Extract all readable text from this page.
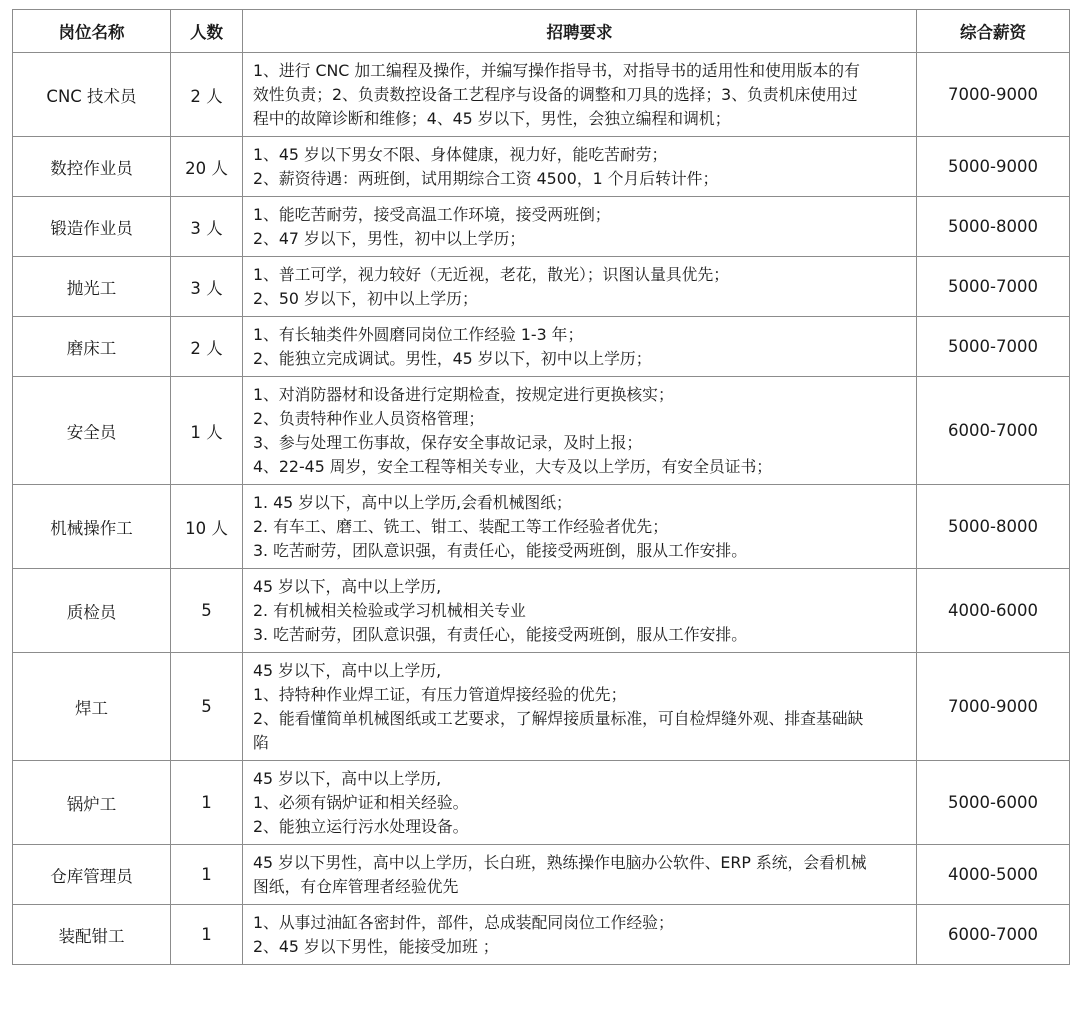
岗位名称	人数	招聘要求	综合薪资
CNC 技术员	2 人	1、进行 CNC 加工编程及操作，并编写操作指导书，对指导书的适用性和使用版本的有
效性负责；2、负责数控设备工艺程序与设备的调整和刀具的选择；3、负责机床使用过
程中的故障诊断和维修；4、45 岁以下，男性，会独立编程和调机；	7000-9000
数控作业员	20 人	1、45 岁以下男女不限、身体健康，视力好，能吃苦耐劳；
2、薪资待遇：两班倒，试用期综合工资 4500，1 个月后转计件；	5000-9000
锻造作业员	3 人	1、能吃苦耐劳，接受高温工作环境，接受两班倒；
2、47 岁以下，男性，初中以上学历；	5000-8000
抛光工	3 人	1、普工可学，视力较好（无近视，老花，散光）；识图认量具优先；
2、50 岁以下，初中以上学历；	5000-7000
磨床工	2 人	1、有长轴类件外圆磨同岗位工作经验 1-3 年；
2、能独立完成调试。男性，45 岁以下，初中以上学历；	5000-7000
安全员	1 人	1、对消防器材和设备进行定期检查，按规定进行更换核实；
2、负责特种作业人员资格管理；
3、参与处理工伤事故，保存安全事故记录，及时上报；
4、22-45 周岁，安全工程等相关专业，大专及以上学历，有安全员证书；	6000-7000
机械操作工	10 人	1. 45 岁以下，高中以上学历,会看机械图纸；
2. 有车工、磨工、铣工、钳工、装配工等工作经验者优先；
3. 吃苦耐劳，团队意识强，有责任心，能接受两班倒，服从工作安排。	5000-8000
质检员	5	45 岁以下，高中以上学历,
2. 有机械相关检验或学习机械相关专业
3. 吃苦耐劳，团队意识强，有责任心，能接受两班倒，服从工作安排。	4000-6000
焊工	5	45 岁以下，高中以上学历,
1、持特种作业焊工证，有压力管道焊接经验的优先；
2、能看懂简单机械图纸或工艺要求，了解焊接质量标准，可自检焊缝外观、排查基础缺
陷	7000-9000
锅炉工	1	45 岁以下，高中以上学历,
1、必须有锅炉证和相关经验。
2、能独立运行污水处理设备。	5000-6000
仓库管理员	1	45 岁以下男性，高中以上学历，长白班，熟练操作电脑办公软件、ERP 系统，会看机械
图纸，有仓库管理者经验优先	4000-5000
装配钳工	1	1、从事过油缸各密封件，部件，总成装配同岗位工作经验；
2、45 岁以下男性，能接受加班 ；	6000-7000
